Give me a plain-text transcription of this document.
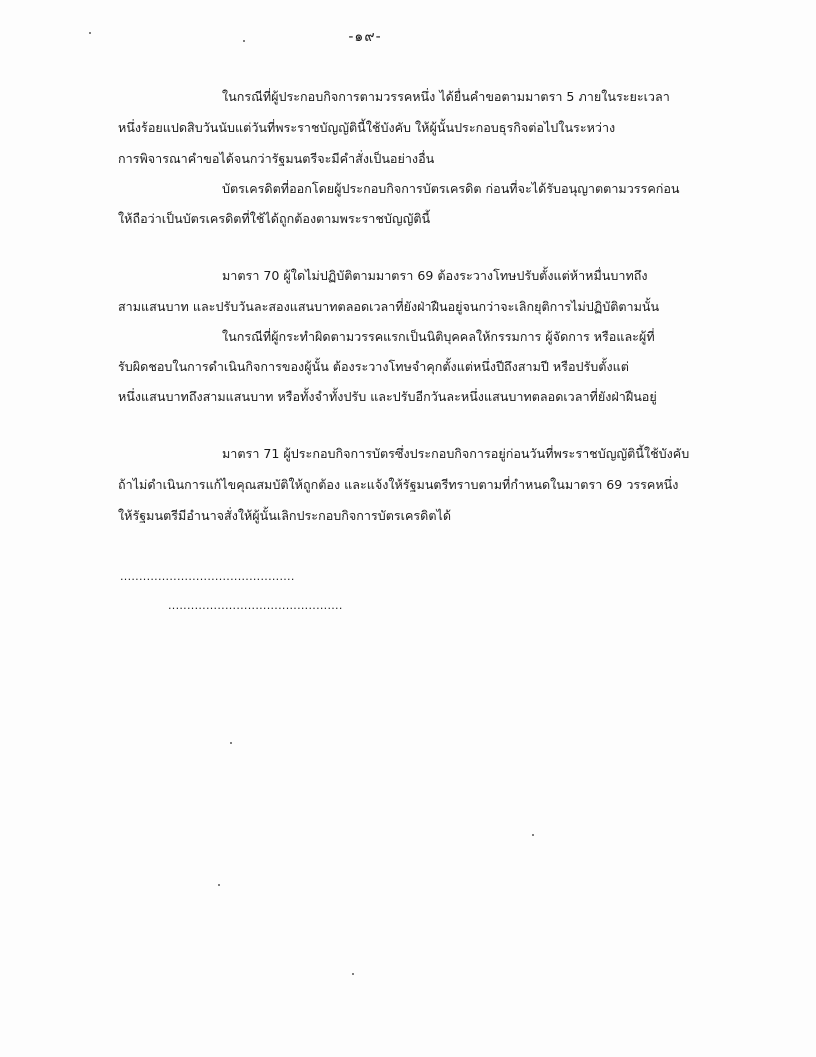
-๑๙-

ในกรณีที่ผู้ประกอบกิจการตามวรรคหนึ่ง ได้ยื่นคำขอตามมาตรา 5 ภายในระยะเวลา

หนึ่งร้อยแปดสิบวันนับแต่วันที่พระราชบัญญัตินี้ใช้บังคับ ให้ผู้นั้นประกอบธุรกิจต่อไปในระหว่าง

การพิจารณาคำขอได้จนกว่ารัฐมนตรีจะมีคำสั่งเป็นอย่างอื่น

บัตรเครดิตที่ออกโดยผู้ประกอบกิจการบัตรเครดิต ก่อนที่จะได้รับอนุญาตตามวรรคก่อน

ให้ถือว่าเป็นบัตรเครดิตที่ใช้ได้ถูกต้องตามพระราชบัญญัตินี้

มาตรา 70 ผู้ใดไม่ปฏิบัติตามมาตรา 69 ต้องระวางโทษปรับตั้งแต่ห้าหมื่นบาทถึง

สามแสนบาท และปรับวันละสองแสนบาทตลอดเวลาที่ยังฝ่าฝืนอยู่จนกว่าจะเลิกยุติการไม่ปฏิบัติตามนั้น

ในกรณีที่ผู้กระทำผิดตามวรรคแรกเป็นนิติบุคคลให้กรรมการ ผู้จัดการ หรือและผู้ที่

รับผิดชอบในการดำเนินกิจการของผู้นั้น ต้องระวางโทษจำคุกตั้งแต่หนึ่งปีถึงสามปี หรือปรับตั้งแต่

หนึ่งแสนบาทถึงสามแสนบาท หรือทั้งจำทั้งปรับ และปรับอีกวันละหนึ่งแสนบาทตลอดเวลาที่ยังฝ่าฝืนอยู่

มาตรา 71 ผู้ประกอบกิจการบัตรซึ่งประกอบกิจการอยู่ก่อนวันที่พระราชบัญญัตินี้ใช้บังคับ

ถ้าไม่ดำเนินการแก้ไขคุณสมบัติให้ถูกต้อง และแจ้งให้รัฐมนตรีทราบตามที่กำหนดในมาตรา 69 วรรคหนึ่ง

ให้รัฐมนตรีมีอำนาจสั่งให้ผู้นั้นเลิกประกอบกิจการบัตรเครดิตได้

..............................................

..............................................
